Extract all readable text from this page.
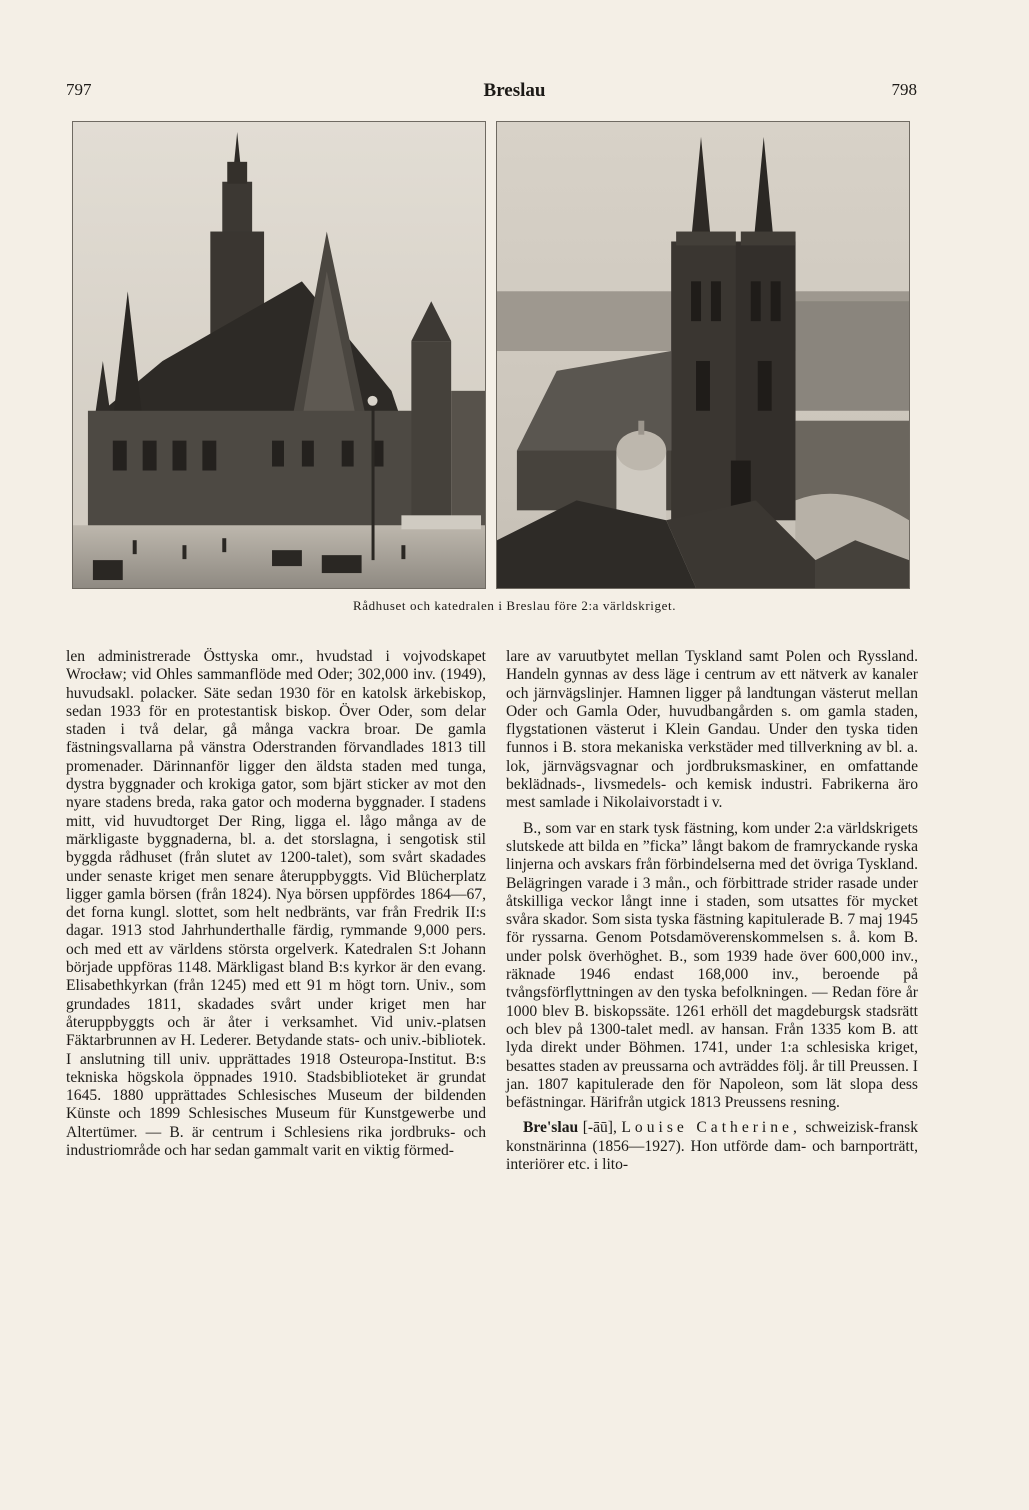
797	Breslau	798
Rådhuset och katedralen i Breslau före 2:a världskriget.

len administrerade Östtyska omr., hvudstad i vojvodskapet Wrocław; vid Ohles sammanflöde med Oder; 302,000 inv. (1949), huvudsakl. polacker. Säte sedan 1930 för en katolsk ärkebiskop, sedan 1933 för en protestantisk biskop. Över Oder, som delar staden i två delar, gå många vackra broar. De gamla fästningsvallarna på vänstra Oderstranden förvandlades 1813 till promenader. Därinnanför ligger den äldsta staden med tunga, dystra byggnader och krokiga gator, som bjärt sticker av mot den nyare stadens breda, raka gator och moderna byggnader. I stadens mitt, vid huvudtorget Der Ring, ligga el. lågo många av de märkligaste byggnaderna, bl. a. det storslagna, i sengotisk stil byggda rådhuset (från slutet av 1200-talet), som svårt skadades under senaste kriget men senare återuppbyggts. Vid Blücherplatz ligger gamla börsen (från 1824). Nya börsen uppfördes 1864—67, det forna kungl. slottet, som helt nedbränts, var från Fredrik II:s dagar. 1913 stod Jahrhunderthalle färdig, rymmande 9,000 pers. och med ett av världens största orgelverk. Katedralen S:t Johann började uppföras 1148. Märkligast bland B:s kyrkor är den evang. Elisabethkyrkan (från 1245) med ett 91 m högt torn. Univ., som grundades 1811, skadades svårt under kriget men har återuppbyggts och är åter i verksamhet. Vid univ.-platsen Fäktarbrunnen av H. Lederer. Betydande stats- och univ.-bibliotek. I anslutning till univ. upprättades 1918 Osteuropa-Institut. B:s tekniska högskola öppnades 1910. Stadsbiblioteket är grundat 1645. 1880 upprättades Schlesisches Museum der bildenden Künste och 1899 Schlesisches Museum für Kunstgewerbe und Altertümer. — B. är centrum i Schlesiens rika jordbruks- och industriområde och har sedan gammalt varit en viktig förmed-

lare av varuutbytet mellan Tyskland samt Polen och Ryssland. Handeln gynnas av dess läge i centrum av ett nätverk av kanaler och järnvägslinjer. Hamnen ligger på landtungan västerut mellan Oder och Gamla Oder, huvudbangården s. om gamla staden, flygstationen västerut i Klein Gandau. Under den tyska tiden funnos i B. stora mekaniska verkstäder med tillverkning av bl. a. lok, järnvägsvagnar och jordbruksmaskiner, en omfattande beklädnads-, livsmedels- och kemisk industri. Fabrikerna äro mest samlade i Nikolaivorstadt i v.

B., som var en stark tysk fästning, kom under 2:a världskrigets slutskede att bilda en ”ficka” långt bakom de framryckande ryska linjerna och avskars från förbindelserna med det övriga Tyskland. Belägringen varade i 3 mån., och förbittrade strider rasade under åtskilliga veckor långt inne i staden, som utsattes för mycket svåra skador. Som sista tyska fästning kapitulerade B. 7 maj 1945 för ryssarna. Genom Potsdamöverenskommelsen s. å. kom B. under polsk överhöghet. B., som 1939 hade över 600,000 inv., räknade 1946 endast 168,000 inv., beroende på tvångsförflyttningen av den tyska befolkningen. — Redan före år 1000 blev B. biskopssäte. 1261 erhöll det magdeburgsk stadsrätt och blev på 1300-talet medl. av hansan. Från 1335 kom B. att lyda direkt under Böhmen. 1741, under 1:a schlesiska kriget, besattes staden av preussarna och avträddes följ. år till Preussen. I jan. 1807 kapitulerade den för Napoleon, som lät slopa dess befästningar. Härifrån utgick 1813 Preussens resning.

Bre'slau [-āū], Louise Catherine, schweizisk-fransk konstnärinna (1856—1927). Hon utförde dam- och barnporträtt, interiörer etc. i lito-
